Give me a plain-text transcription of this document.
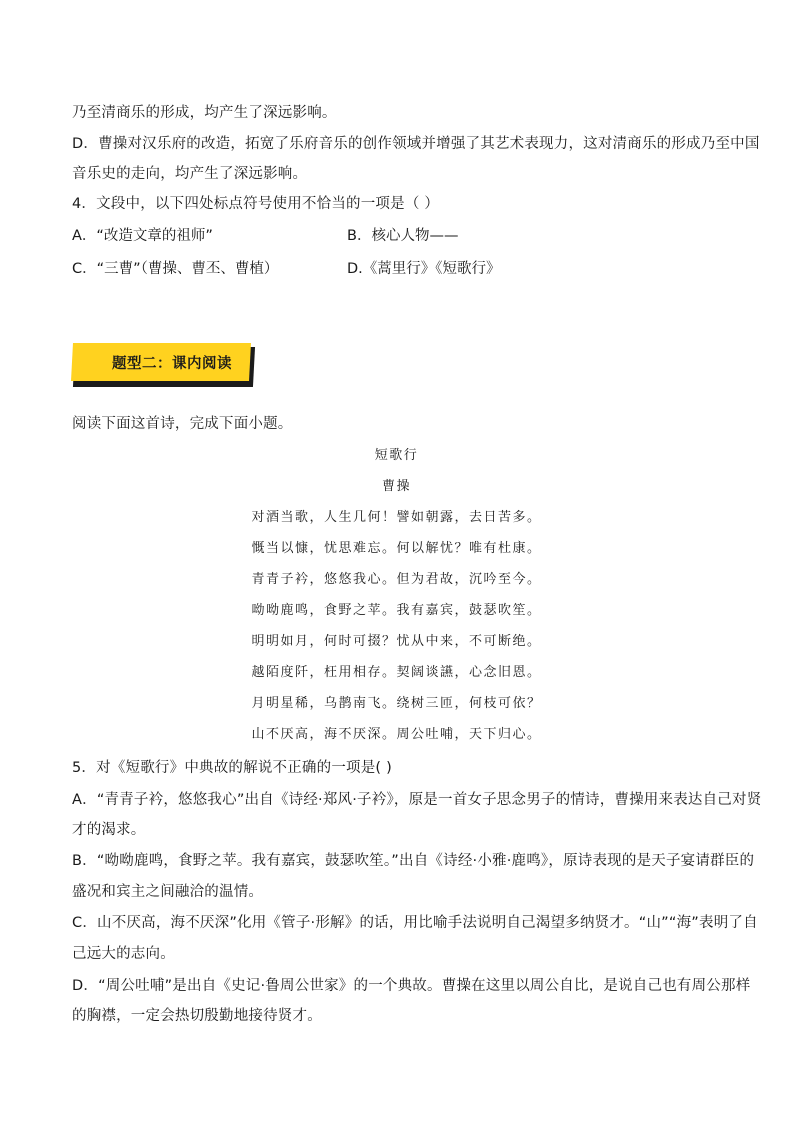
乃至清商乐的形成，均产生了深远影响。
D．曹操对汉乐府的改造，拓宽了乐府音乐的创作领域并增强了其艺术表现力，这对清商乐的形成乃至中国
音乐史的走向，均产生了深远影响。
4．文段中，以下四处标点符号使用不恰当的一项是（ ）
A．“改造文章的祖师”	B．核心人物——
C．“三曹”（曹操、曹丕、曹植）	D.《蒿里行》《短歌行》
题型二：课内阅读
阅读下面这首诗，完成下面小题。
短歌行
曹操
对酒当歌，人生几何！譬如朝露，去日苦多。
慨当以慷，忧思难忘。何以解忧？唯有杜康。
青青子衿，悠悠我心。但为君故，沉吟至今。
呦呦鹿鸣，食野之苹。我有嘉宾，鼓瑟吹笙。
明明如月，何时可掇？忧从中来，不可断绝。
越陌度阡，枉用相存。契阔谈讌，心念旧恩。
月明星稀，乌鹊南飞。绕树三匝，何枝可依？
山不厌高，海不厌深。周公吐哺，天下归心。
5．对《短歌行》中典故的解说不正确的一项是( )
A．“青青子衿，悠悠我心”出自《诗经·郑风·子衿》，原是一首女子思念男子的情诗，曹操用来表达自己对贤
才的渴求。
B．“呦呦鹿鸣，食野之苹。我有嘉宾，鼓瑟吹笙。”出自《诗经·小雅·鹿鸣》，原诗表现的是天子宴请群臣的
盛况和宾主之间融洽的温情。
C．山不厌高，海不厌深”化用《管子·形解》的话，用比喻手法说明自己渴望多纳贤才。“山”“海”表明了自
己远大的志向。
D．“周公吐哺”是出自《史记·鲁周公世家》的一个典故。曹操在这里以周公自比，是说自己也有周公那样
的胸襟，一定会热切殷勤地接待贤才。
